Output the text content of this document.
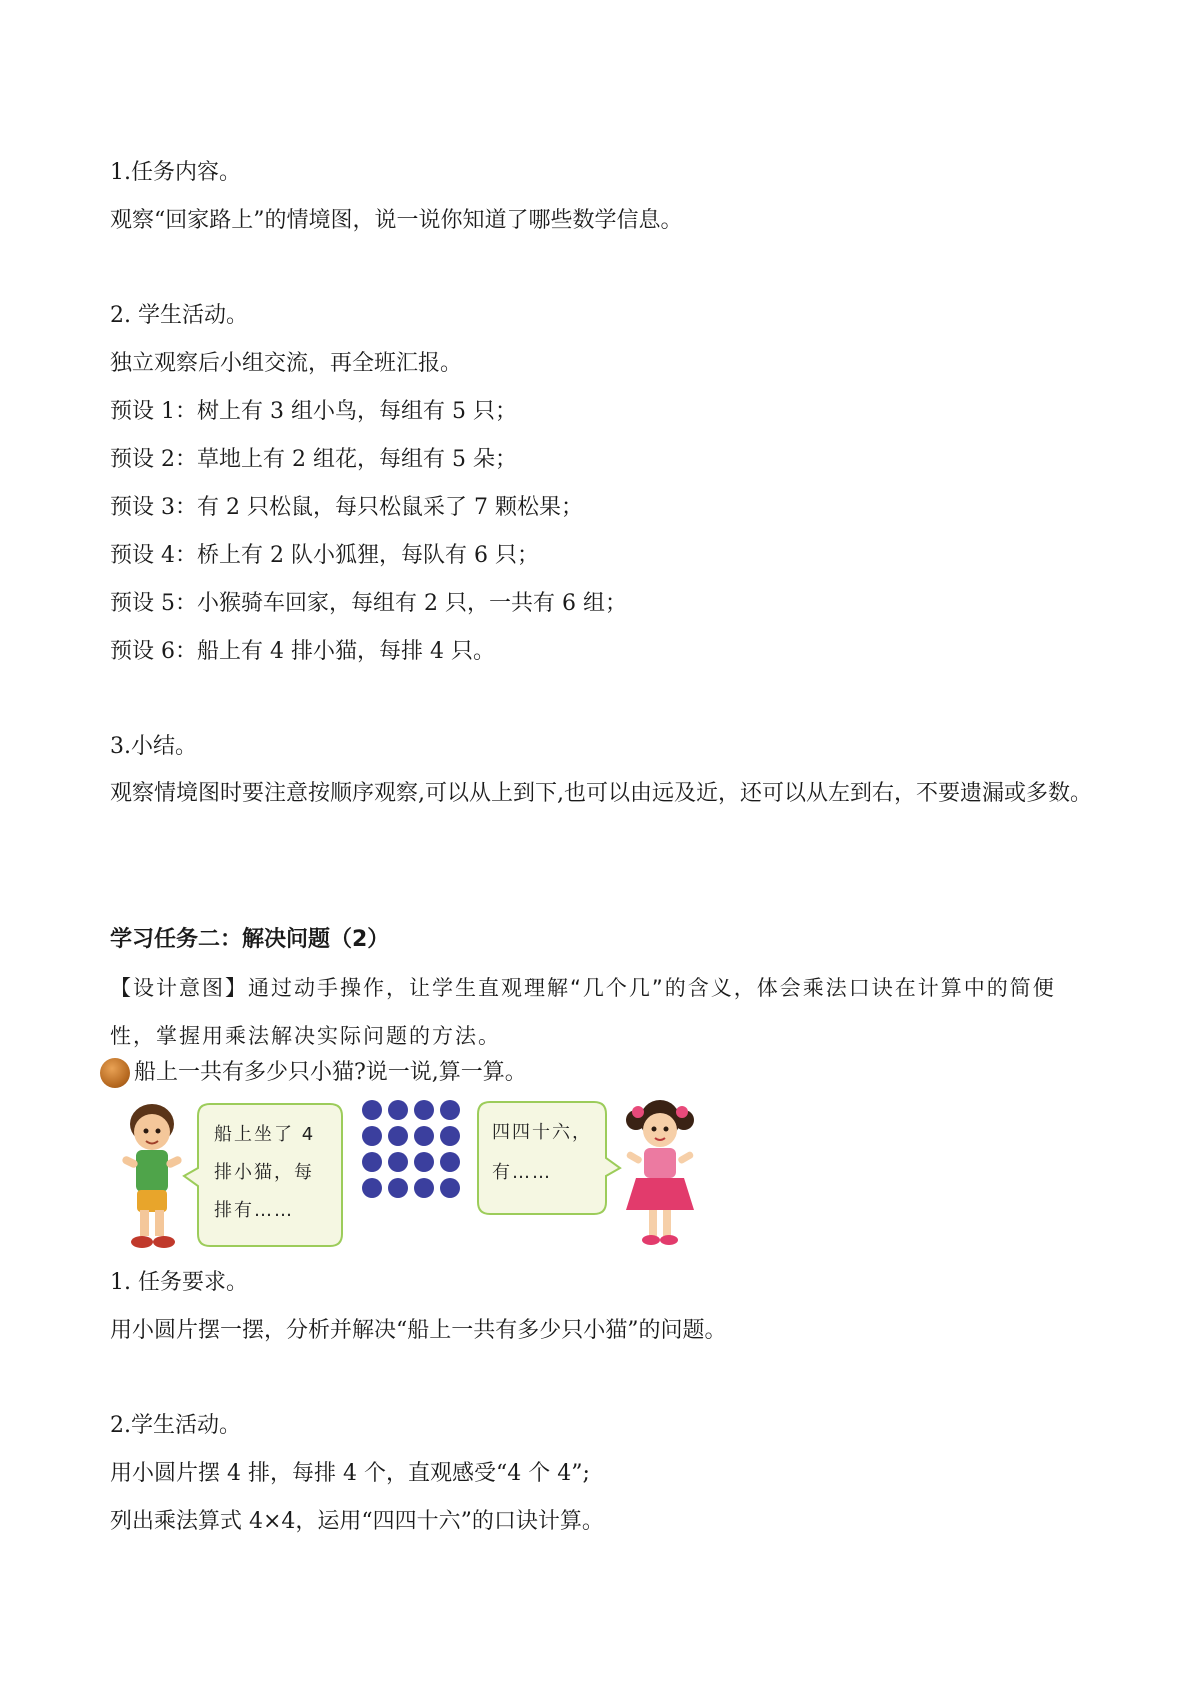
1.任务内容。
观察“回家路上”的情境图，说一说你知道了哪些数学信息。
2. 学生活动。
独立观察后小组交流，再全班汇报。
预设 1：树上有 3 组小鸟，每组有 5 只；
预设 2：草地上有 2 组花，每组有 5 朵；
预设 3：有 2 只松鼠，每只松鼠采了 7 颗松果；
预设 4：桥上有 2 队小狐狸，每队有 6 只；
预设 5：小猴骑车回家，每组有 2 只，一共有 6 组；
预设 6：船上有 4 排小猫，每排 4 只。
3.小结。
观察情境图时要注意按顺序观察,可以从上到下,也可以由远及近，还可以从左到右，不要遗漏或多数。
学习任务二：解决问题（2）
【设计意图】通过动手操作，让学生直观理解“几个几”的含义，体会乘法口诀在计算中的简便性，掌握用乘法解决实际问题的方法。
船上一共有多少只小猫?说一说,算一算。
船上坐了 4
排小猫，每
排有……
四四十六，
有……
1. 任务要求。
用小圆片摆一摆，分析并解决“船上一共有多少只小猫”的问题。
2.学生活动。
用小圆片摆 4 排，每排 4 个，直观感受“4 个 4”;
列出乘法算式 4×4，运用“四四十六”的口诀计算。
